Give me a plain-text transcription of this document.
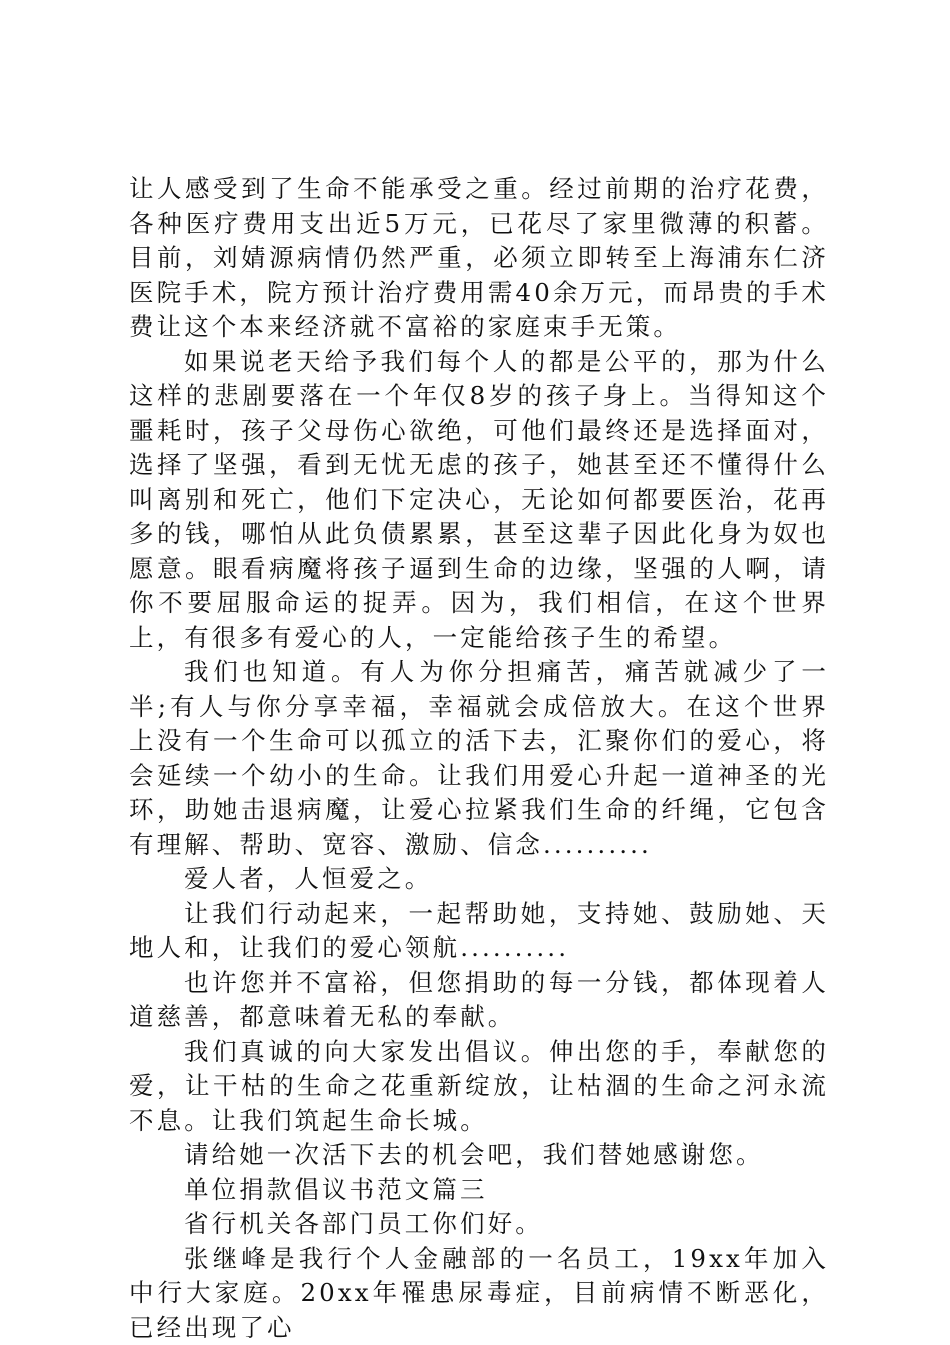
让人感受到了生命不能承受之重。经过前期的治疗花费，各种医疗费用支出近5万元，已花尽了家里微薄的积蓄。目前，刘婧源病情仍然严重，必须立即转至上海浦东仁济医院手术，院方预计治疗费用需40余万元，而昂贵的手术费让这个本来经济就不富裕的家庭束手无策。

如果说老天给予我们每个人的都是公平的，那为什么这样的悲剧要落在一个年仅8岁的孩子身上。当得知这个噩耗时，孩子父母伤心欲绝，可他们最终还是选择面对，选择了坚强，看到无忧无虑的孩子，她甚至还不懂得什么叫离别和死亡，他们下定决心，无论如何都要医治，花再多的钱，哪怕从此负债累累，甚至这辈子因此化身为奴也愿意。眼看病魔将孩子逼到生命的边缘，坚强的人啊，请你不要屈服命运的捉弄。因为，我们相信，在这个世界上，有很多有爱心的人，一定能给孩子生的希望。

我们也知道。有人为你分担痛苦，痛苦就减少了一半;有人与你分享幸福，幸福就会成倍放大。在这个世界上没有一个生命可以孤立的活下去，汇聚你们的爱心，将会延续一个幼小的生命。让我们用爱心升起一道神圣的光环，助她击退病魔，让爱心拉紧我们生命的纤绳，它包含有理解、帮助、宽容、激励、信念..........

爱人者，人恒爱之。

让我们行动起来，一起帮助她，支持她、鼓励她、天地人和，让我们的爱心领航..........

也许您并不富裕，但您捐助的每一分钱，都体现着人道慈善，都意味着无私的奉献。

我们真诚的向大家发出倡议。伸出您的手，奉献您的爱，让干枯的生命之花重新绽放，让枯涸的生命之河永流不息。让我们筑起生命长城。

请给她一次活下去的机会吧，我们替她感谢您。

单位捐款倡议书范文篇三

省行机关各部门员工你们好。

张继峰是我行个人金融部的一名员工，19xx年加入中行大家庭。20xx年罹患尿毒症，目前病情不断恶化，已经出现了心
